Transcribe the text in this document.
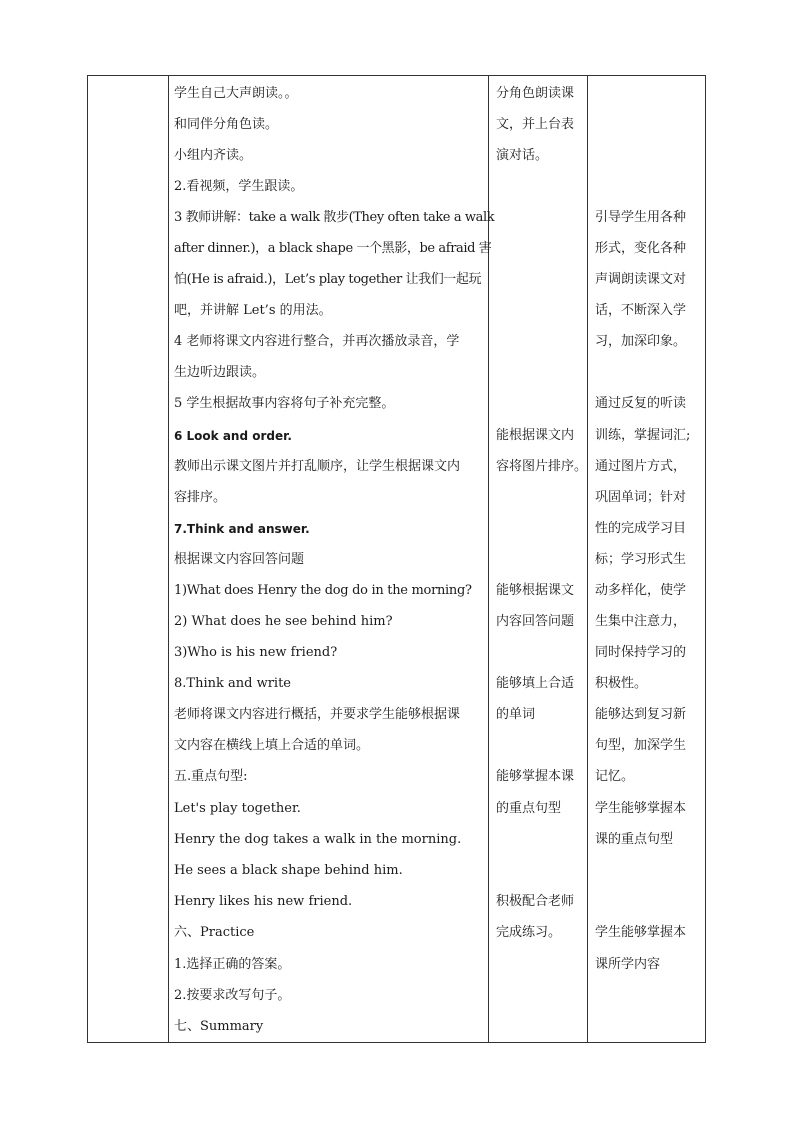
学生自己大声朗读。。
和同伴分角色读。
小组内齐读。
2.看视频，学生跟读。
3 教师讲解：take a walk 散步(They often take a walk
after dinner.)，a black shape 一个黑影，be afraid 害
怕(He is afraid.)，Let’s play together 让我们一起玩
吧，并讲解 Let’s 的用法。
4 老师将课文内容进行整合，并再次播放录音，学
生边听边跟读。
5 学生根据故事内容将句子补充完整。
6 Look and order.
教师出示课文图片并打乱顺序，让学生根据课文内
容排序。
7.Think and answer.
根据课文内容回答问题
1)What does Henry the dog do in the morning?
2) What does he see behind him?
3)Who is his new friend?
8.Think and write
老师将课文内容进行概括，并要求学生能够根据课
文内容在横线上填上合适的单词。
五.重点句型:
Let's play together.
Henry the dog takes a walk in the morning.
He sees a black shape behind him.
Henry likes his new friend.
六、Practice
1.选择正确的答案。
2.按要求改写句子。
七、Summary
分角色朗读课
文，并上台表
演对话。
能根据课文内
容将图片排序。
能够根据课文
内容回答问题
能够填上合适
的单词
能够掌握本课
的重点句型
积极配合老师
完成练习。
引导学生用各种
形式，变化各种
声调朗读课文对
话，不断深入学
习，加深印象。
通过反复的听读
训练，掌握词汇;
通过图片方式，
巩固单词；针对
性的完成学习目
标；学习形式生
动多样化，使学
生集中注意力，
同时保持学习的
积极性。
能够达到复习新
句型，加深学生
记忆。
学生能够掌握本
课的重点句型
学生能够掌握本
课所学内容
